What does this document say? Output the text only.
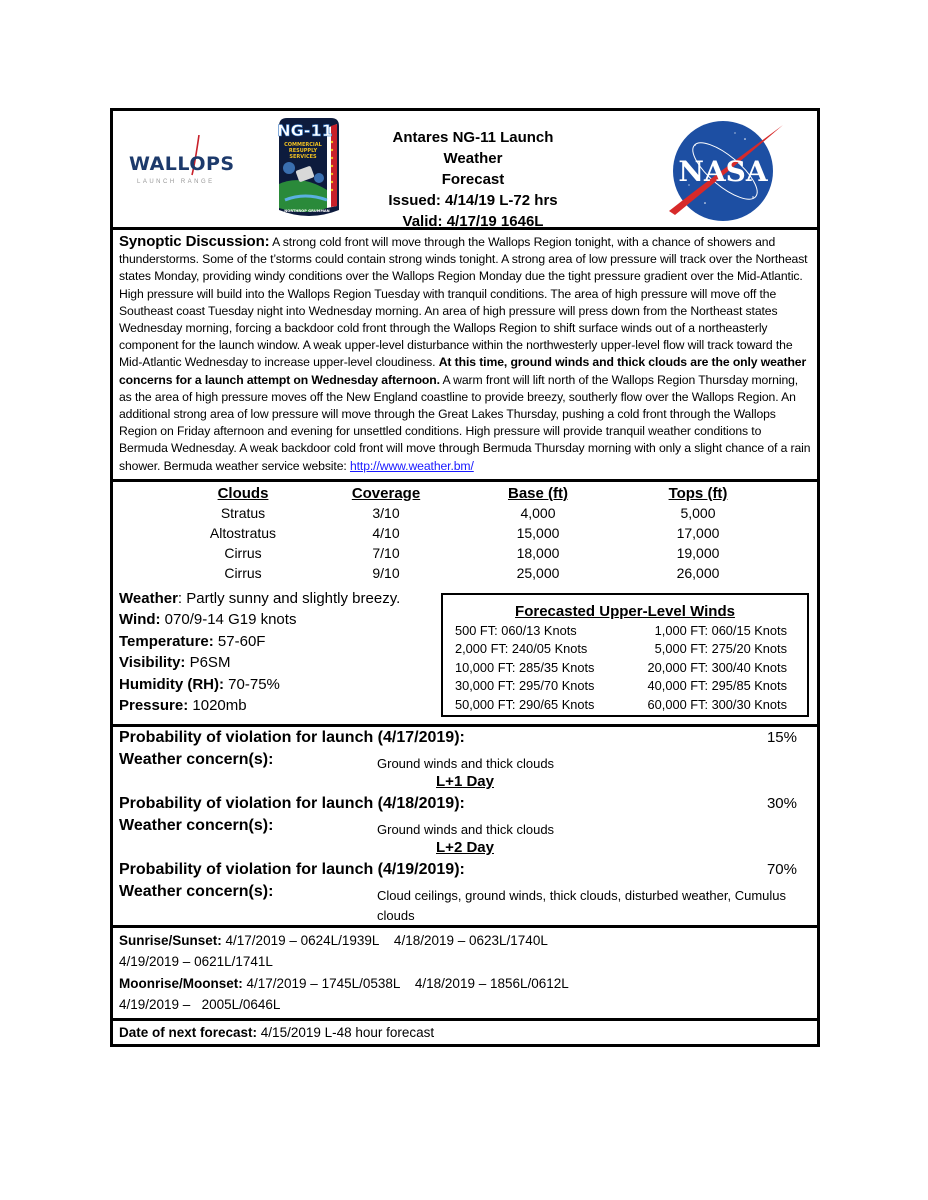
WALLOPS
LAUNCH RANGE
NG-11
COMMERCIAL
RESUPPLY
SERVICES
NORTHROP GRUMMAN
Antares NG-11 Launch Weather
Forecast
Issued: 4/14/19 L-72 hrs
Valid: 4/17/19 1646L
NASA
Synoptic Discussion: A strong cold front will move through the Wallops Region tonight, with a chance of showers and thunderstorms. Some of the t’storms could contain strong winds tonight. A strong area of low pressure will track over the Northeast states Monday, providing windy conditions over the Wallops Region Monday due the tight pressure gradient over the Mid-Atlantic. High pressure will build into the Wallops Region Tuesday with tranquil conditions. The area of high pressure will move off the Southeast coast Tuesday night into Wednesday morning. An area of high pressure will press down from the Northeast states Wednesday morning, forcing a backdoor cold front through the Wallops Region to shift surface winds out of a northeasterly component for the launch window. A weak upper-level disturbance within the northwesterly upper-level flow will track toward the Mid-Atlantic Wednesday to increase upper-level cloudiness. At this time, ground winds and thick clouds are the only weather concerns for a launch attempt on Wednesday afternoon. A warm front will lift north of the Wallops Region Thursday morning, as the area of high pressure moves off the New England coastline to provide breezy, southerly flow over the Wallops Region. An additional strong area of low pressure will move through the Great Lakes Thursday, pushing a cold front through the Wallops Region on Friday afternoon and evening for unsettled conditions. High pressure will provide tranquil weather conditions to Bermuda Wednesday. A weak backdoor cold front will move through Bermuda Thursday morning with only a slight chance of a rain shower. Bermuda weather service website: http://www.weather.bm/
Clouds	Coverage	Base (ft)	Tops (ft)
Stratus	3/10	4,000	5,000
Altostratus	4/10	15,000	17,000
Cirrus	7/10	18,000	19,000
Cirrus	9/10	25,000	26,000
Weather: Partly sunny and slightly breezy.
Wind: 070/9-14 G19 knots
Temperature: 57-60F
Visibility: P6SM
Humidity (RH): 70-75%
Pressure: 1020mb
Forecasted Upper-Level Winds
500 FT: 060/13 Knots	1,000 FT: 060/15 Knots
2,000 FT: 240/05 Knots	5,000 FT: 275/20 Knots
10,000 FT: 285/35 Knots	20,000 FT: 300/40 Knots
30,000 FT: 295/70 Knots	40,000 FT: 295/85 Knots
50,000 FT: 290/65 Knots	60,000 FT: 300/30 Knots
Probability of violation for launch (4/17/2019):	15%
Weather concern(s):	Ground winds and thick clouds
L+1 Day
Probability of violation for launch (4/18/2019):	30%
Weather concern(s):	Ground winds and thick clouds
L+2 Day
Probability of violation for launch (4/19/2019):	70%
Weather concern(s):	Cloud ceilings, ground winds, thick clouds, disturbed weather, Cumulus clouds
Sunrise/Sunset: 4/17/2019 – 0624L/1939L    4/18/2019 – 0623L/1740L
4/19/2019 – 0621L/1741L
Moonrise/Moonset: 4/17/2019 – 1745L/0538L    4/18/2019 – 1856L/0612L
4/19/2019 –   2005L/0646L
Date of next forecast: 4/15/2019 L-48 hour forecast
